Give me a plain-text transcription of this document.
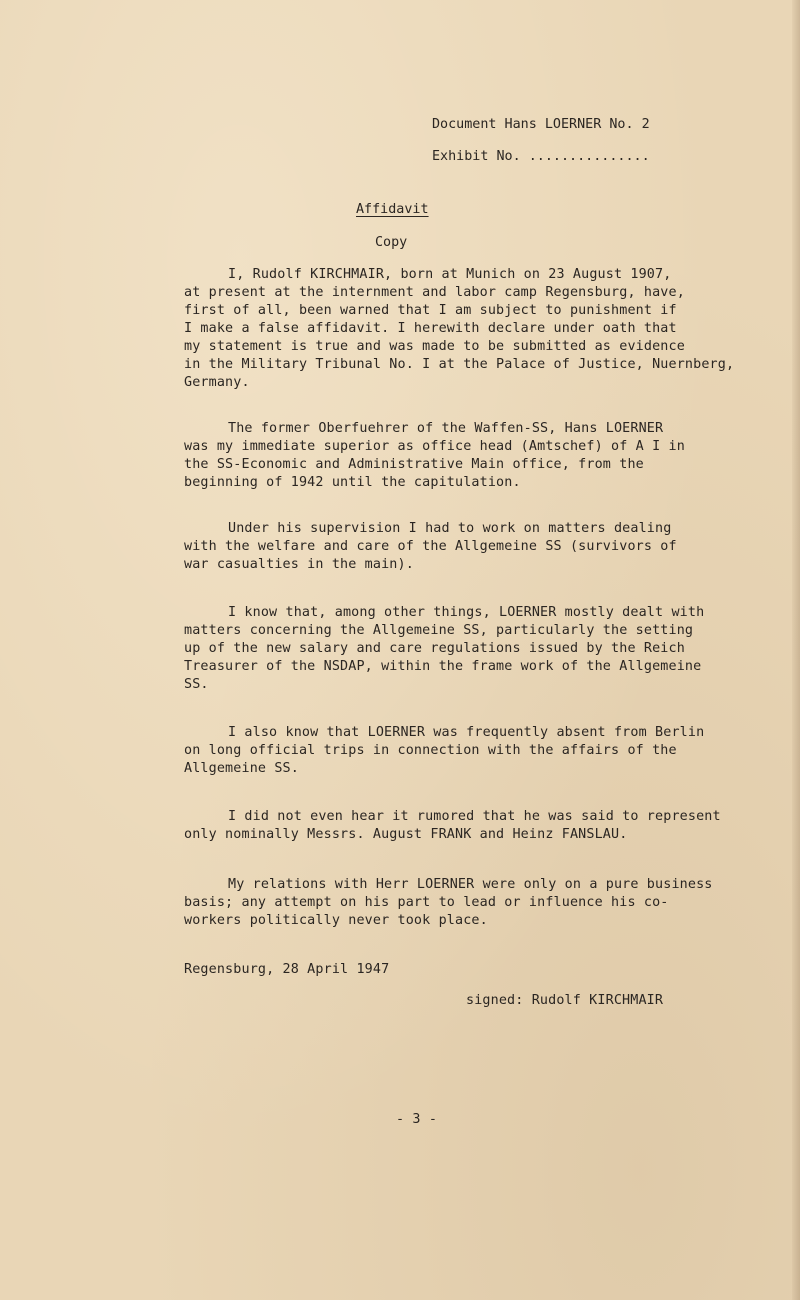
Document Hans LOERNER No. 2
Exhibit No. ...............
Affidavit
Copy
I, Rudolf KIRCHMAIR, born at Munich on 23 August 1907,
at present at the internment and labor camp Regensburg, have,
first of all, been warned that I am subject to punishment if
I make a false affidavit. I herewith declare under oath that
my statement is true and was made to be submitted as evidence
in the Military Tribunal No. I at the Palace of Justice, Nuernberg,
Germany.
The former Oberfuehrer of the Waffen-SS, Hans LOERNER
was my immediate superior as office head (Amtschef) of A I in
the SS-Economic and Administrative Main office, from the
beginning of 1942 until the capitulation.
Under his supervision I had to work on matters dealing
with the welfare and care of the Allgemeine SS (survivors of
war casualties in the main).
I know that, among other things, LOERNER mostly dealt with
matters concerning the Allgemeine SS, particularly the setting
up of the new salary and care regulations issued by the Reich
Treasurer of the NSDAP, within the frame work of the Allgemeine
SS.
I also know that LOERNER was frequently absent from Berlin
on long official trips in connection with the affairs of the
Allgemeine SS.
I did not even hear it rumored that he was said to represent
only nominally Messrs. August FRANK and Heinz FANSLAU.
My relations with Herr LOERNER were only on a pure business
basis; any attempt on his part to lead or influence his co-
workers politically never took place.
Regensburg, 28 April 1947
signed: Rudolf KIRCHMAIR
- 3 -
